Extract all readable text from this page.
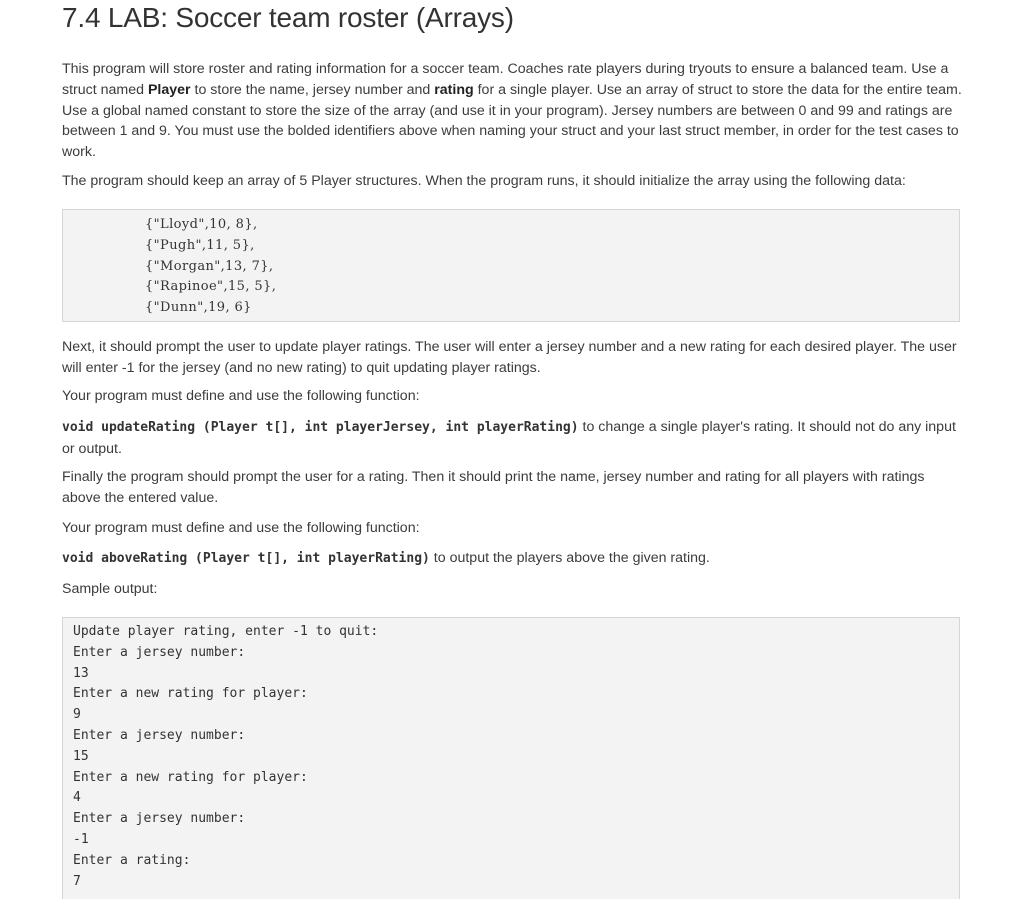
7.4 LAB: Soccer team roster (Arrays)

This program will store roster and rating information for a soccer team. Coaches rate players during tryouts to ensure a balanced team. Use a struct named Player to store the name, jersey number and rating for a single player. Use an array of struct to store the data for the entire team. Use a global named constant to store the size of the array (and use it in your program). Jersey numbers are between 0 and 99 and ratings are between 1 and 9. You must use the bolded identifiers above when naming your struct and your last struct member, in order for the test cases to work.

The program should keep an array of 5 Player structures. When the program runs, it should initialize the array using the following data:

{"Lloyd",10, 8},
{"Pugh",11, 5},
{"Morgan",13, 7},
{"Rapinoe",15, 5},
{"Dunn",19, 6}

Next, it should prompt the user to update player ratings. The user will enter a jersey number and a new rating for each desired player. The user will enter -1 for the jersey (and no new rating) to quit updating player ratings.

Your program must define and use the following function:

void updateRating (Player t[], int playerJersey, int playerRating) to change a single player's rating. It should not do any input or output.

Finally the program should prompt the user for a rating. Then it should print the name, jersey number and rating for all players with ratings above the entered value.

Your program must define and use the following function:

void aboveRating (Player t[], int playerRating) to output the players above the given rating.

Sample output:

Update player rating, enter -1 to quit:
Enter a jersey number:
13
Enter a new rating for player:
9
Enter a jersey number:
15
Enter a new rating for player:
4
Enter a jersey number:
-1
Enter a rating:
7
